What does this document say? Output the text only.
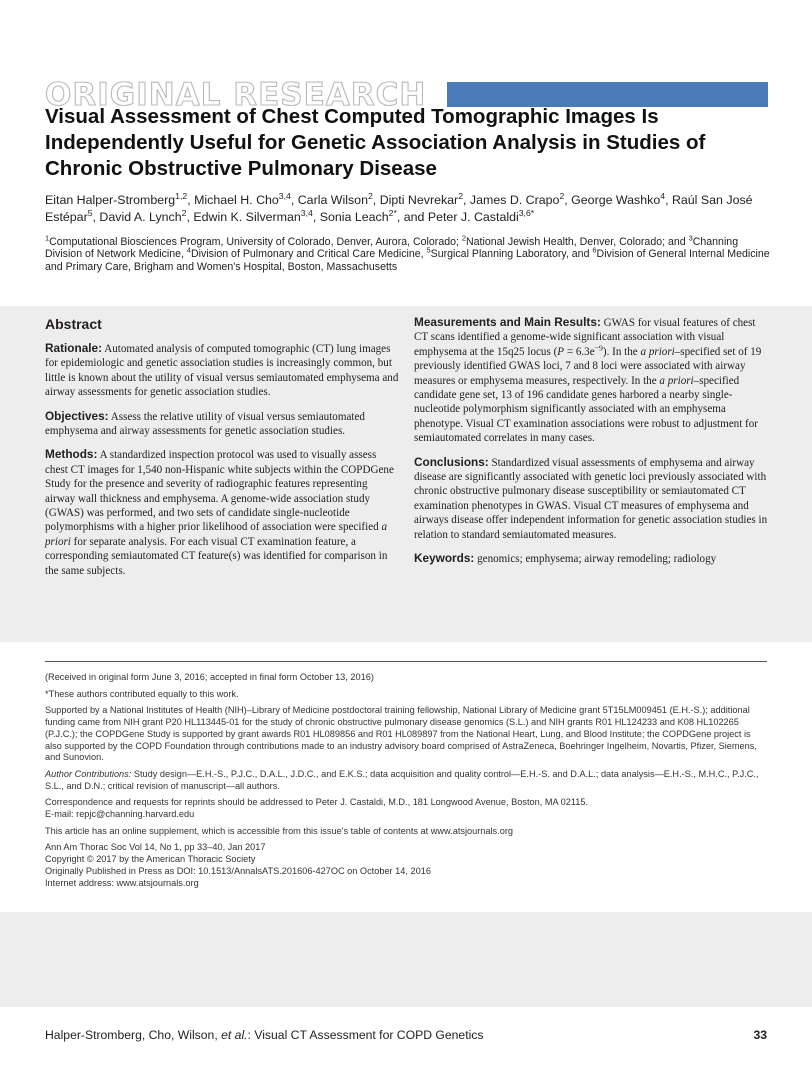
ORIGINAL RESEARCH
Visual Assessment of Chest Computed Tomographic Images Is Independently Useful for Genetic Association Analysis in Studies of Chronic Obstructive Pulmonary Disease
Eitan Halper-Stromberg$^{1,2}$, Michael H. Cho$^{3,4}$, Carla Wilson$^2$, Dipti Nevrekar$^2$, James D. Crapo$^2$, George Washko$^4$, Raúl San José Estépar$^5$, David A. Lynch$^2$, Edwin K. Silverman$^{3,4}$, Sonia Leach$^{2*}$, and Peter J. Castaldi$^{3,6*}$
$^1$Computational Biosciences Program, University of Colorado, Denver, Aurora, Colorado; $^2$National Jewish Health, Denver, Colorado; and $^3$Channing Division of Network Medicine, $^4$Division of Pulmonary and Critical Care Medicine, $^5$Surgical Planning Laboratory, and $^6$Division of General Internal Medicine and Primary Care, Brigham and Women's Hospital, Boston, Massachusetts
Abstract

Rationale: Automated analysis of computed tomographic (CT) lung images for epidemiologic and genetic association studies is increasingly common, but little is known about the utility of visual versus semiautomated emphysema and airway assessments for genetic association studies.

Objectives: Assess the relative utility of visual versus semiautomated emphysema and airway assessments for genetic association studies.

Methods: A standardized inspection protocol was used to visually assess chest CT images for 1,540 non-Hispanic white subjects within the COPDGene Study for the presence and severity of radiographic features representing airway wall thickness and emphysema. A genome-wide association study (GWAS) was performed, and two sets of candidate single-nucleotide polymorphisms with a higher prior likelihood of association were specified a priori for separate analysis. For each visual CT examination feature, a corresponding semiautomated CT feature(s) was identified for comparison in the same subjects.

Measurements and Main Results: GWAS for visual features of chest CT scans identified a genome-wide significant association with visual emphysema at the 15q25 locus $(P = 6.3e^{-9})$. In the a priori–specified set of 19 previously identified GWAS loci, 7 and 8 loci were associated with airway measures or emphysema measures, respectively. In the a priori–specified candidate gene set, 13 of 196 candidate genes harbored a nearby single-nucleotide polymorphism significantly associated with an emphysema phenotype. Visual CT examination associations were robust to adjustment for semiautomated correlates in many cases.

Conclusions: Standardized visual assessments of emphysema and airway disease are significantly associated with genetic loci previously associated with chronic obstructive pulmonary disease susceptibility or semiautomated CT examination phenotypes in GWAS. Visual CT measures of emphysema and airways disease offer independent information for genetic association studies in relation to standard semiautomated measures.

Keywords: genomics; emphysema; airway remodeling; radiology

(Received in original form June 3, 2016; accepted in final form October 13, 2016)

*These authors contributed equally to this work.

Supported by a National Institutes of Health (NIH)–Library of Medicine postdoctoral training fellowship, National Library of Medicine grant 5T15LM009451 (E.H.-S.); additional funding came from NIH grant P20 HL113445-01 for the study of chronic obstructive pulmonary disease genomics (S.L.) and NIH grants R01 HL124233 and K08 HL102265 (P.J.C.); the COPDGene Study is supported by grant awards R01 HL089856 and R01 HL089897 from the National Heart, Lung, and Blood Institute; the COPDGene project is also supported by the COPD Foundation through contributions made to an industry advisory board comprised of AstraZeneca, Boehringer Ingelheim, Novartis, Pfizer, Siemens, and Sunovion.

Author Contributions: Study design—E.H.-S., P.J.C., D.A.L., J.D.C., and E.K.S.; data acquisition and quality control—E.H.-S. and D.A.L.; data analysis—E.H.-S., M.H.C., P.J.C., S.L., and D.N.; critical revision of manuscript—all authors.

Correspondence and requests for reprints should be addressed to Peter J. Castaldi, M.D., 181 Longwood Avenue, Boston, MA 02115.
E-mail: repjc@channing.harvard.edu

This article has an online supplement, which is accessible from this issue's table of contents at www.atsjournals.org

Ann Am Thorac Soc Vol 14, No 1, pp 33–40, Jan 2017
Copyright © 2017 by the American Thoracic Society
Originally Published in Press as DOI: 10.1513/AnnalsATS.201606-427OC on October 14, 2016
Internet address: www.atsjournals.org

Halper-Stromberg, Cho, Wilson, et al.: Visual CT Assessment for COPD Genetics	33
